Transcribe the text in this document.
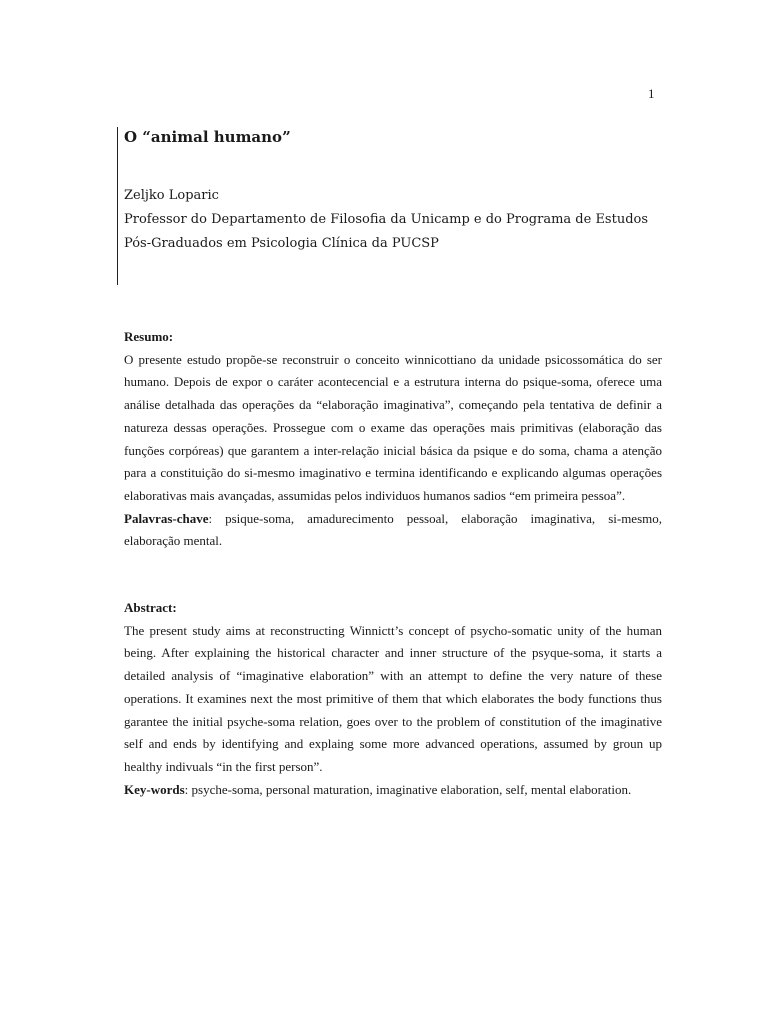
1
O “animal humano”
Zeljko Loparic
Professor do Departamento de Filosofia da Unicamp e do Programa de Estudos
Pós-Graduados em Psicologia Clínica da PUCSP

Resumo:

O presente estudo propõe-se reconstruir o conceito winnicottiano da unidade psicossomática do ser humano. Depois de expor o caráter acontecencial e a estrutura interna do psique-soma, oferece uma análise detalhada das operações da “elaboração imaginativa”, começando pela tentativa de definir a natureza dessas operações. Prossegue com o exame das operações mais primitivas (elaboração das funções corpóreas) que garantem a inter-relação inicial básica da psique e do soma, chama a atenção para a constituição do si-mesmo imaginativo e termina identificando e explicando algumas operações elaborativas mais avançadas, assumidas pelos individuos humanos sadios “em primeira pessoa”.

Palavras-chave: psique-soma, amadurecimento pessoal, elaboração imaginativa, si-mesmo, elaboração mental.

Abstract:

The present study aims at reconstructing Winnictt’s concept of psycho-somatic unity of the human being. After explaining the historical character and inner structure of the psyque-soma, it starts a detailed analysis of “imaginative elaboration” with an attempt to define the very nature of these operations. It examines next the most primitive of them that which elaborates the body functions thus garantee the initial psyche-soma relation, goes over to the problem of constitution of the imaginative self and ends by identifying and explaing some more advanced operations, assumed by groun up healthy indivuals “in the first person”.

Key-words: psyche-soma, personal maturation, imaginative elaboration, self, mental elaboration.
